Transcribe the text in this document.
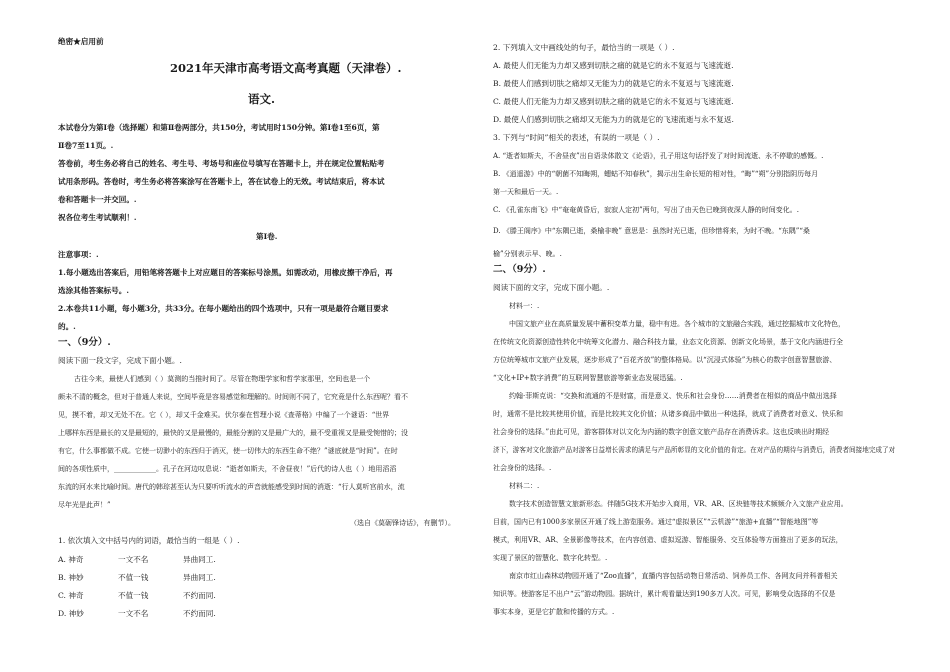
绝密★启用前
2021年天津市高考语文高考真题（天津卷）.
语文.
本试卷分为第Ⅰ卷（选择题）和第Ⅱ卷两部分，共150分，考试用时150分钟。第Ⅰ卷1至6页，第
Ⅱ卷7至11页。.
答卷前，考生务必将自己的姓名、考生号、考场号和座位号填写在答题卡上，并在规定位置粘贴考
试用条形码。答卷时，考生务必将答案涂写在答题卡上，答在试卷上的无效。考试结束后，将本试
卷和答题卡一并交回。.
祝各位考生考试顺利！.
第Ⅰ卷.
注意事项：.
1.每小题选出答案后，用铅笔将答题卡上对应题目的答案标号涂黑。如需改动，用橡皮擦干净后，再
选涂其他答案标号。.
2.本卷共11小题，每小题3分，共33分。在每小题给出的四个选项中，只有一项是最符合题目要求
的。.
一、（9分）.
阅读下面一段文字，完成下面小题。.
古往今来，最使人们感到（ ）莫测的当推时间了。尽管在物理学家和哲学家那里，空间也是一个
颇未不清的概念，但对于普通人来说，空间毕竟是容易感觉和理解的。时间则不同了，它究竟是什么东西呢？看不
见，摸不着，却又无处不在。它（ ），却又千金难买。伏尔泰在哲理小说《查蒂格》中编了一个谜语：“世界
上哪样东西是最长的又是最短的，最快的又是最慢的，最能分割的又是最广大的，最不受重视又是最受惋惜的；没
有它，什么事都做不成。它使一切渺小的东西归于消灭，使一切伟大的东西生命不绝？”谜底就是“时间”。在时
间的各项性质中，____________。孔子在河边叹息说：“逝者如斯夫，不舍昼夜！”后代的诗人也（ ）地用滔滔
东流的河水来比喻时间。唐代的韩琮甚至认为只要听听流水的声音就能感受到时间的消逝：“行人莫听宫前水，流
尽年光是此声！”
（选自《莫砺锋诗话》，有删节）。
1. 依次填入文中括号内的词语，最恰当的一组是（ ）.
A. 神奇	一文不名	异曲同工.
B. 神妙	不值一钱	异曲同工.
C. 神奇	不值一钱	不约而同.
D. 神妙	一文不名	不约而同.
2. 下列填入文中画线处的句子，最恰当的一项是（ ）.
A. 最使人们无能为力却又感到切肤之痛的就是它的永不复返与飞速流逝.
B. 最使人们感到切肤之痛却又无能为力的就是它的永不复返与飞速流逝.
C. 最使人们无能为力却又感到切肤之痛的就是它的永不复返与飞速流逝.
D. 最使人们感到切肤之痛却又无能为力的就是它的飞速流逝与永不复返.
3. 下列与“时间”相关的表述，有误的一项是（ ）.
A. “逝者如斯夫，不舍昼夜”出自语录体散文《论语》，孔子用这句话抒发了对时间流逝、永不停歇的感慨。.
B. 《逍遥游》中的“朝菌不知晦朔，蟪蛄不知春秋”，揭示出生命长短的相对性，“晦”“朔”分别指阴历每月
第一天和最后一天。.
C. 《孔雀东南飞》中“奄奄黄昏后，寂寂人定初”两句，写出了由天色已晚到夜深人静的时间变化。.
D. 《滕王阁序》中“东隅已逝，桑榆非晚” 意思是：虽然时光已逝，但珍惜将来，为时不晚。“东隅”“桑
榆”分别表示早、晚。.
二、（9分）.
阅读下面的文字，完成下面小题。.
材料一：.
中国文旅产业在高质量发展中蓄积变革力量，稳中有进。各个城市的文旅融合实践，通过挖掘城市文化特色，
在传统文化资源创造性转化中统筹文化潜力、融合科技力量，业态文化资源、创新文化场景，基于文化内涵进行全
方位统筹城市文旅产业发展，逐步形成了“百花齐放”的整体格局。以“沉浸式体验”为核心的数字创意智慧旅游、
“文化+IP+数字消费”的互联网智慧旅游等新业态发展迅猛。.
约翰·菲斯克说：“交换和流通的不是财富，而是意义、快乐和社会身份……消费者在相似的商品中做出选择
时，通常不是比较其使用价值，而是比较其文化价值；从诸多商品中做出一种选择，就成了消费者对意义、快乐和
社会身份的选择。”由此可见，游客群体对以文化为内涵的数字创意文旅产品存在消费诉求。这也反映出时期经
济下，游客对文化旅游产品对游客日益增长需求的满足与产品所彰显的文化价值的肯定。在对产品的期待与消费后，消费者间接地完成了对
社会身份的选择。.
材料二：.
数字技术创造智慧文旅新形态。伴随5G技术开始步入商用，VR、AR、区块链等技术频频介入文旅产业应用。
目前，国内已有1000多家景区开通了线上游览服务。通过“虚拟景区”“云机游”“旅游+直播”“智能地图”等
模式，利用VR、AR、全景影像等技术，在内容创造、虚拟逗游、智能服务、交互体验等方面推出了更多的玩法，
实现了景区的智慧化、数字化转型。.
南京市红山森林动物园开通了“Zoo直播”，直播内容包括动物日常活动、饲养员工作、各网友问并科普相关
知识等。使游客足不出户“云”游动物园。据统计，累计观看量达到190多万人次。可见，影响受众选择的不仅是
事实本身，更是它扩散和传播的方式。.
